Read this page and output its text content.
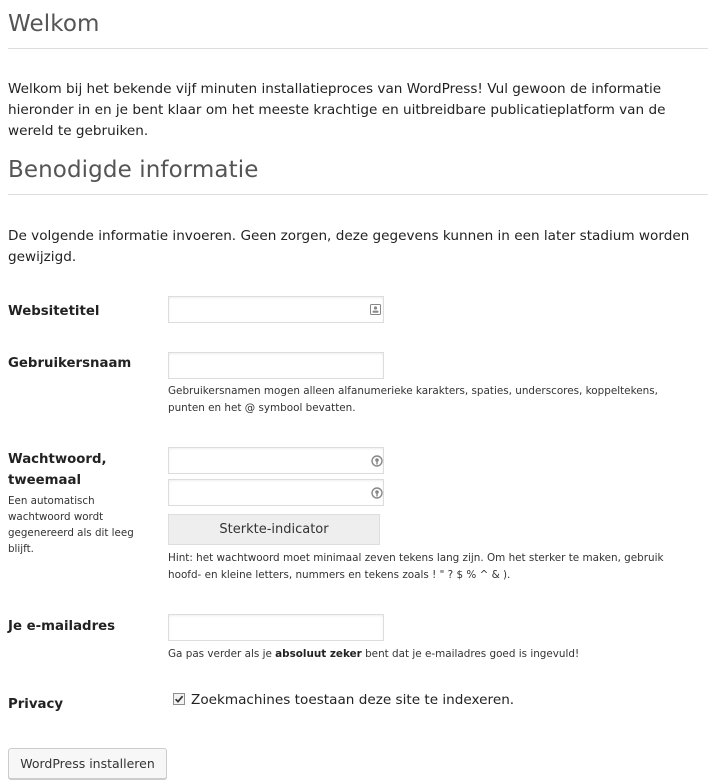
Welkom

Welkom bij het bekende vijf minuten installatieproces van WordPress! Vul gewoon de informatie hieronder in en je bent klaar om het meeste krachtige en uitbreidbare publicatieplatform van de wereld te gebruiken.

Benodigde informatie

De volgende informatie invoeren. Geen zorgen, deze gegevens kunnen in een later stadium worden gewijzigd.

Websitetitel
Gebruikersnaam
Gebruikersnamen mogen alleen alfanumerieke karakters, spaties, underscores, koppeltekens, punten en het @ symbool bevatten.
Wachtwoord,
tweemaal
Een automatisch wachtwoord wordt gegenereerd als dit leeg blijft.
Sterkte-indicator
Hint: het wachtwoord moet minimaal zeven tekens lang zijn. Om het sterker te maken, gebruik hoofd- en kleine letters, nummers en tekens zoals ! " ? $ % ^ & ).
Je e-mailadres
Ga pas verder als je absoluut zeker bent dat je e-mailadres goed is ingevuld!
Privacy	Zoekmachines toestaan deze site te indexeren.
WordPress installeren
